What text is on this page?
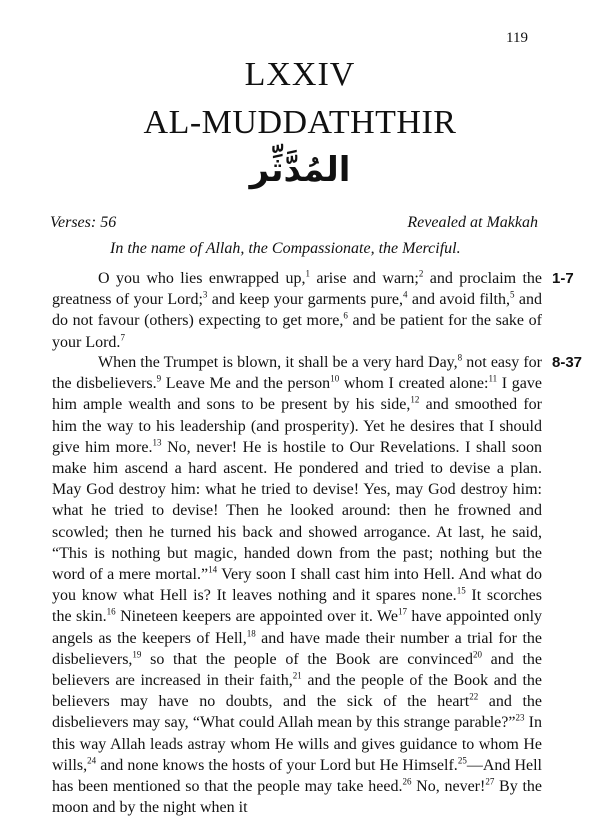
119
LXXIV
AL-MUDDATHTHIR
المُدَّثِّر
Verses: 56	Revealed at Makkah
In the name of Allah, the Compassionate, the Merciful.
1-7
8-37

O you who lies enwrapped up,$^1$ arise and warn;$^2$ and proclaim the greatness of your Lord;$^3$ and keep your garments pure,$^4$ and avoid filth,$^5$ and do not favour (others) expecting to get more,$^6$ and be patient for the sake of your Lord.$^7$

When the Trumpet is blown, it shall be a very hard Day,$^8$ not easy for the disbelievers.$^9$ Leave Me and the person$^{10}$ whom I created alone:$^{11}$ I gave him ample wealth and sons to be present by his side,$^{12}$ and smoothed for him the way to his leadership (and prosperity). Yet he desires that I should give him more.$^{13}$ No, never! He is hostile to Our Revelations. I shall soon make him ascend a hard ascent. He pondered and tried to devise a plan. May God destroy him: what he tried to devise! Yes, may God destroy him: what he tried to devise! Then he looked around: then he frowned and scowled; then he turned his back and showed arrogance. At last, he said, “This is nothing but magic, handed down from the past; nothing but the word of a mere mortal.”$^{14}$ Very soon I shall cast him into Hell. And what do you know what Hell is? It leaves nothing and it spares none.$^{15}$ It scorches the skin.$^{16}$ Nineteen keepers are appointed over it. We$^{17}$ have appointed only angels as the keepers of Hell,$^{18}$ and have made their number a trial for the disbelievers,$^{19}$ so that the people of the Book are convinced$^{20}$ and the believers are increased in their faith,$^{21}$ and the people of the Book and the believers may have no doubts, and the sick of the heart$^{22}$ and the disbelievers may say, “What could Allah mean by this strange parable?”$^{23}$ In this way Allah leads astray whom He wills and gives guidance to whom He wills,$^{24}$ and none knows the hosts of your Lord but He Himself.$^{25}$—And Hell has been mentioned so that the people may take heed.$^{26}$ No, never!$^{27}$ By the moon and by the night when it
